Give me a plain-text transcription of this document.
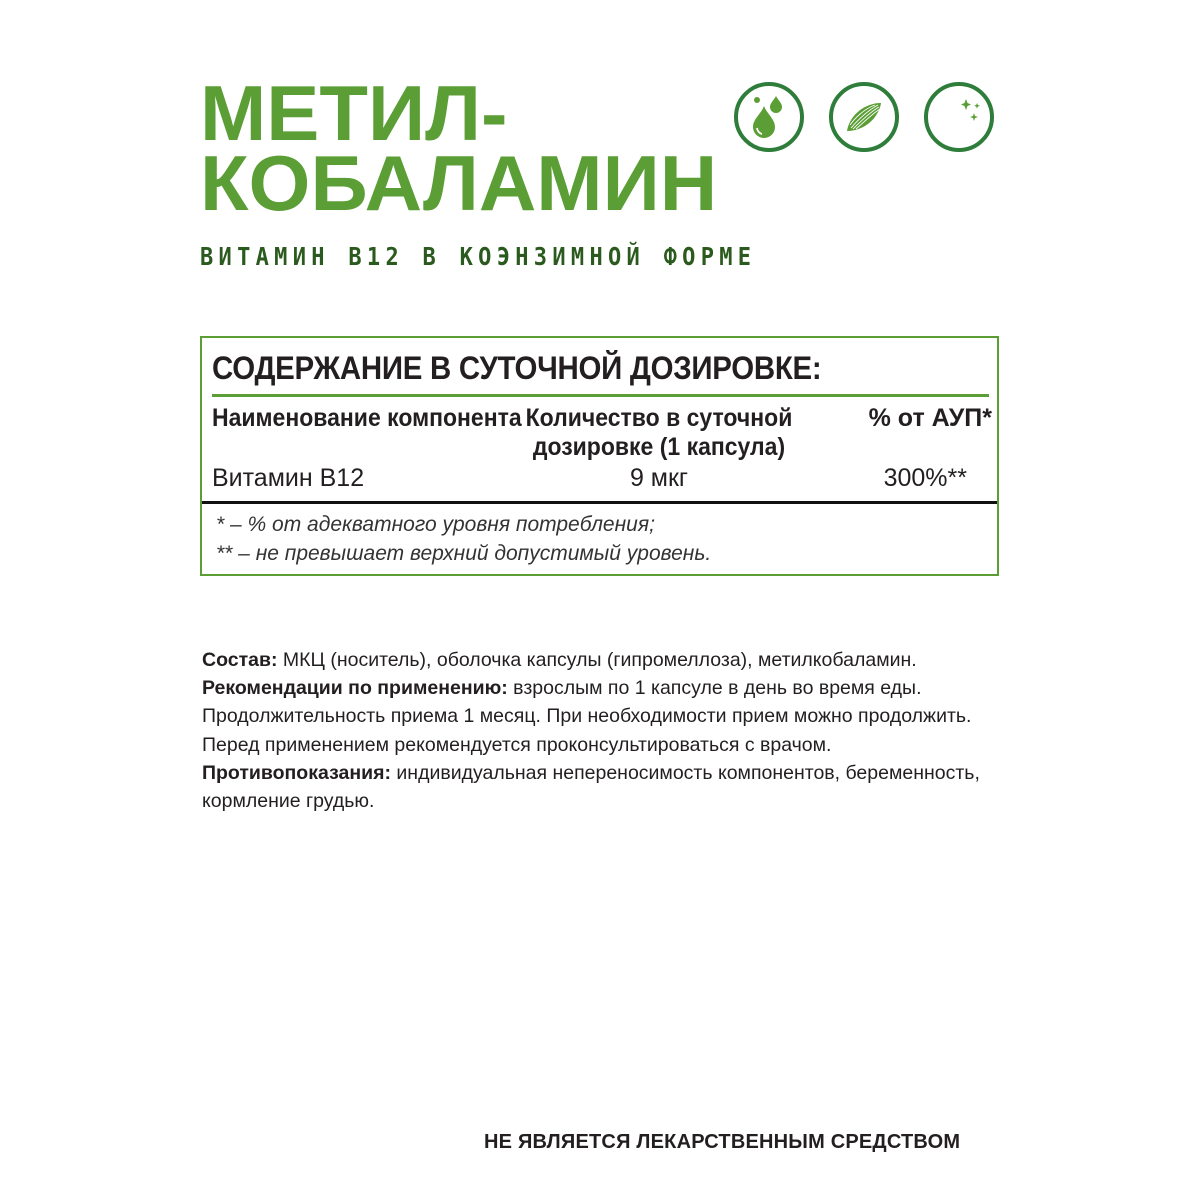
МЕТИЛ-
КОБАЛАМИН
ВИТАМИН В12 В КОЭНЗИМНОЙ ФОРМЕ
СОДЕРЖАНИЕ В СУТОЧНОЙ ДОЗИРОВКЕ:
Наименование компонента Количество в суточной дозировке (1 капсула)
% от АУП*
Витамин В12	9 мкг	300%**
* – % от адекватного уровня потребления;
** – не превышает верхний допустимый уровень.

Состав: МКЦ (носитель), оболочка капсулы (гипромеллоза), метилкобаламин.

Рекомендации по применению: взрослым по 1 капсуле в день во время еды. Продолжительность приема 1 месяц. При необходимости прием можно продолжить. Перед применением рекомендуется проконсультироваться с врачом.

Противопоказания: индивидуальная непереносимость компонентов, беременность, кормление грудью.

НЕ ЯВЛЯЕТСЯ ЛЕКАРСТВЕННЫМ СРЕДСТВОМ
